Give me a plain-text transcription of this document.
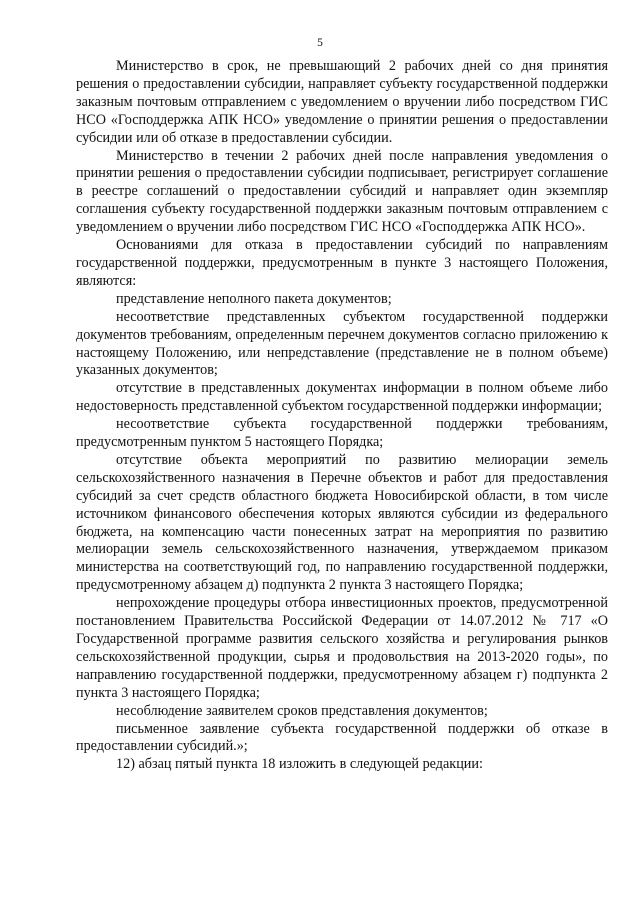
5

Министерство в срок, не превышающий 2 рабочих дней со дня принятия решения о предоставлении субсидии, направляет субъекту государственной поддержки заказным почтовым отправлением с уведомлением о вручении либо посредством ГИС НСО «Господдержка АПК НСО» уведомление о принятии решения о предоставлении субсидии или об отказе в предоставлении субсидии.

Министерство в течении 2 рабочих дней после направления уведомления о принятии решения о предоставлении субсидии подписывает, регистрирует соглашение в реестре соглашений о предоставлении субсидий и направляет один экземпляр соглашения субъекту государственной поддержки заказным почтовым отправлением с уведомлением о вручении либо посредством ГИС НСО «Господдержка АПК НСО».

Основаниями для отказа в предоставлении субсидий по направлениям государственной поддержки, предусмотренным в пункте 3 настоящего Положения, являются:

представление неполного пакета документов;

несоответствие представленных субъектом государственной поддержки документов требованиям, определенным перечнем документов согласно приложению к настоящему Положению, или непредставление (представление не в полном объеме) указанных документов;

отсутствие в представленных документах информации в полном объеме либо недостоверность представленной субъектом государственной поддержки информации;

несоответствие субъекта государственной поддержки требованиям, предусмотренным пунктом 5 настоящего Порядка;

отсутствие объекта мероприятий по развитию мелиорации земель сельскохозяйственного назначения в Перечне объектов и работ для предоставления субсидий за счет средств областного бюджета Новосибирской области, в том числе источником финансового обеспечения которых являются субсидии из федерального бюджета, на компенсацию части понесенных затрат на мероприятия по развитию мелиорации земель сельскохозяйственного назначения, утверждаемом приказом министерства на соответствующий год, по направлению государственной поддержки, предусмотренному абзацем д) подпункта 2 пункта 3 настоящего Порядка;

непрохождение процедуры отбора инвестиционных проектов, предусмотренной постановлением Правительства Российской Федерации от 14.07.2012 № 717 «О Государственной программе развития сельского хозяйства и регулирования рынков сельскохозяйственной продукции, сырья и продовольствия на 2013-2020 годы», по направлению государственной поддержки, предусмотренному абзацем г) подпункта 2 пункта 3 настоящего Порядка;

несоблюдение заявителем сроков представления документов;

письменное заявление субъекта государственной поддержки об отказе в предоставлении субсидий.»;

12) абзац пятый пункта 18 изложить в следующей редакции:
